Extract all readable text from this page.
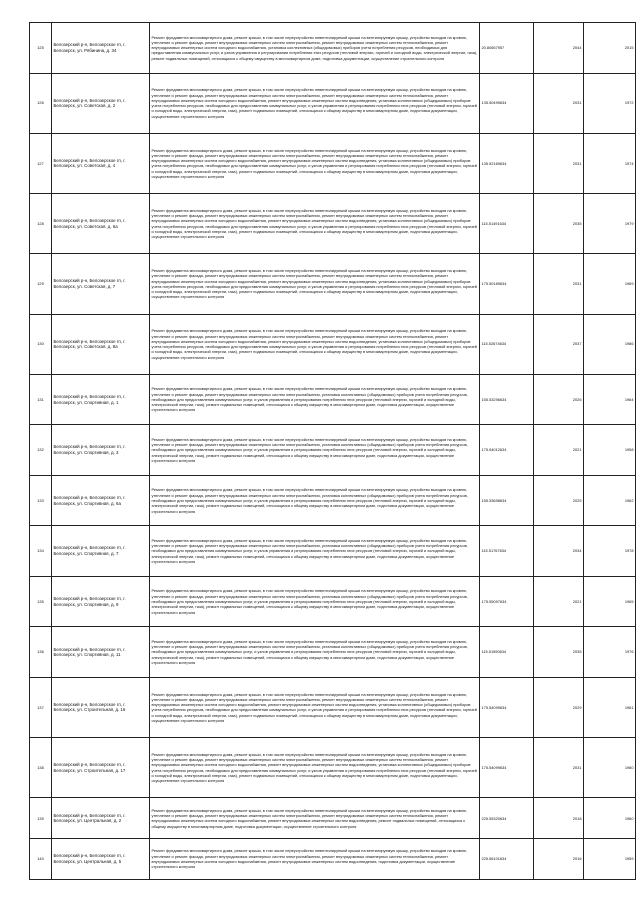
125	Белозерский р-н, Белозерское гп, г. Белозерск, ул. Рябинина, д. 34	Ремонт фундамента многоквартирного дома, ремонт крыши, в том числе переустройство невентилируемой крыши на вентилируемую крышу, устройство выходов на кровлю, утепление и ремонт фасада, ремонт внутридомовых инженерных систем электроснабжения, ремонт внутридомовых инженерных систем теплоснабжения, ремонт внутридомовых инженерных систем холодного водоснабжения, установка коллективных (общедомовых) приборов учета потребления ресурсов, необходимых для предоставления коммунальных услуг, и узлов управления и регулирования потребления этих ресурсов (тепловой энергии, горячей и холодной воды, электрической энергии, газа), ремонт подвальных помещений, относящихся к общему имуществу в многоквартирном доме, подготовка документации, осуществление строительного контроля	20.80657957	2044	2015
126	Белозерский р-н, Белозерское гп, г. Белозерск, ул. Советская, д. 2	Ремонт фундамента многоквартирного дома, ремонт крыши, в том числе переустройство невентилируемой крыши на вентилируемую крышу, устройство выходов на кровлю, утепление и ремонт фасада, ремонт внутридомовых инженерных систем электроснабжения, ремонт внутридомовых инженерных систем теплоснабжения, ремонт внутридомовых инженерных систем холодного водоснабжения, ремонт внутридомовых инженерных систем водоотведения, установка коллективных (общедомовых) приборов учета потребления ресурсов, необходимых для предоставления коммунальных услуг, и узлов управления и регулирования потребления этих ресурсов (тепловой энергии, горячей и холодной воды, электрической энергии, газа), ремонт подвальных помещений, относящихся к общему имуществу в многоквартирном доме, подготовка документации, осуществление строительного контроля	135.50499634	2031	1972
127	Белозерский р-н, Белозерское гп, г. Белозерск, ул. Советская, д. 4	Ремонт фундамента многоквартирного дома, ремонт крыши, в том числе переустройство невентилируемой крыши на вентилируемую крышу, устройство выходов на кровлю, утепление и ремонт фасада, ремонт внутридомовых инженерных систем электроснабжения, ремонт внутридомовых инженерных систем теплоснабжения, ремонт внутридомовых инженерных систем холодного водоснабжения, ремонт внутридомовых инженерных систем водоотведения, установка коллективных (общедомовых) приборов учета потребления ресурсов, необходимых для предоставления коммунальных услуг, и узлов управления и регулирования потребления этих ресурсов (тепловой энергии, горячей и холодной воды, электрической энергии, газа), ремонт подвальных помещений, относящихся к общему имуществу в многоквартирном доме, подготовка документации, осуществление строительного контроля	135.52169634	2031	1974
128	Белозерский р-н, Белозерское гп, г. Белозерск, ул. Советская, д. 6а	Ремонт фундамента многоквартирного дома, ремонт крыши, в том числе переустройство невентилируемой крыши на вентилируемую крышу, устройство выходов на кровлю, утепление и ремонт фасада, ремонт внутридомовых инженерных систем электроснабжения, ремонт внутридомовых инженерных систем теплоснабжения, ремонт внутридомовых инженерных систем холодного водоснабжения, ремонт внутридомовых инженерных систем водоотведения, установка коллективных (общедомовых) приборов учета потребления ресурсов, необходимых для предоставления коммунальных услуг, и узлов управления и регулирования потребления этих ресурсов (тепловой энергии, горячей и холодной воды, электрической энергии, газа), ремонт подвальных помещений, относящихся к общему имуществу в многоквартирном доме, подготовка документации, осуществление строительного контроля	115.51491634	2035	1979
129	Белозерский р-н, Белозерское гп, г. Белозерск, ул. Советская, д. 7	Ремонт фундамента многоквартирного дома, ремонт крыши, в том числе переустройство невентилируемой крыши на вентилируемую крышу, устройство выходов на кровлю, утепление и ремонт фасада, ремонт внутридомовых инженерных систем электроснабжения, ремонт внутридомовых инженерных систем теплоснабжения, ремонт внутридомовых инженерных систем холодного водоснабжения, ремонт внутридомовых инженерных систем водоотведения, установка коллективных (общедомовых) приборов учета потребления ресурсов, необходимых для предоставления коммунальных услуг, и узлов управления и регулирования потребления этих ресурсов (тепловой энергии, горячей и холодной воды, электрической энергии, газа), ремонт подвальных помещений, относящихся к общему имуществу в многоквартирном доме, подготовка документации, осуществление строительного контроля	175.50189634	2031	1969
130	Белозерский р-н, Белозерское гп, г. Белозерск, ул. Советская, д. 8а	Ремонт фундамента многоквартирного дома, ремонт крыши, в том числе переустройство невентилируемой крыши на вентилируемую крышу, устройство выходов на кровлю, утепление и ремонт фасада, ремонт внутридомовых инженерных систем электроснабжения, ремонт внутридомовых инженерных систем теплоснабжения, ремонт внутридомовых инженерных систем холодного водоснабжения, ремонт внутридомовых инженерных систем водоотведения, установка коллективных (общедомовых) приборов учета потребления ресурсов, необходимых для предоставления коммунальных услуг, и узлов управления и регулирования потребления этих ресурсов (тепловой энергии, горячей и холодной воды, электрической энергии, газа), ремонт подвальных помещений, относящихся к общему имуществу в многоквартирном доме, подготовка документации, осуществление строительного контроля	115.52674634	2037	1986
131	Белозерский р-н, Белозерское гп, г. Белозерск, ул. Спортивная, д. 1	Ремонт фундамента многоквартирного дома, ремонт крыши, в том числе переустройство невентилируемой крыши на вентилируемую крышу, устройство выходов на кровлю, утепление и ремонт фасада, ремонт внутридомовых инженерных систем электроснабжения, установка коллективных (общедомовых) приборов учета потребления ресурсов, необходимых для предоставления коммунальных услуг, и узлов управления и регулирования потребления этих ресурсов (тепловой энергии, горячей и холодной воды, электрической энергии, газа), ремонт подвальных помещений, относящихся к общему имуществу в многоквартирном доме, подготовка документации, осуществление строительного контроля	155.53296634	2026	1964
132	Белозерский р-н, Белозерское гп, г. Белозерск, ул. Спортивная, д. 3	Ремонт фундамента многоквартирного дома, ремонт крыши, в том числе переустройство невентилируемой крыши на вентилируемую крышу, устройство выходов на кровлю, утепление и ремонт фасада, ремонт внутридомовых инженерных систем электроснабжения, установка коллективных (общедомовых) приборов учета потребления ресурсов, необходимых для предоставления коммунальных услуг, и узлов управления и регулирования потребления этих ресурсов (тепловой энергии, горячей и холодной воды, электрической энергии, газа), ремонт подвальных помещений, относящихся к общему имуществу в многоквартирном доме, подготовка документации, осуществление строительного контроля	175.54012634	2021	1958
133	Белозерский р-н, Белозерское гп, г. Белозерск, ул. Спортивная, д. 6а	Ремонт фундамента многоквартирного дома, ремонт крыши, в том числе переустройство невентилируемой крыши на вентилируемую крышу, устройство выходов на кровлю, утепление и ремонт фасада, ремонт внутридомовых инженерных систем электроснабжения, установка коллективных (общедомовых) приборов учета потребления ресурсов, необходимых для предоставления коммунальных услуг, и узлов управления и регулирования потребления этих ресурсов (тепловой энергии, горячей и холодной воды, электрической энергии, газа), ремонт подвальных помещений, относящихся к общему имуществу в многоквартирном доме, подготовка документации, осуществление строительного контроля	155.53698634	2025	1962
134	Белозерский р-н, Белозерское гп, г. Белозерск, ул. Спортивная, д. 7	Ремонт фундамента многоквартирного дома, ремонт крыши, в том числе переустройство невентилируемой крыши на вентилируемую крышу, устройство выходов на кровлю, утепление и ремонт фасада, ремонт внутридомовых инженерных систем электроснабжения, установка коллективных (общедомовых) приборов учета потребления ресурсов, необходимых для предоставления коммунальных услуг, и узлов управления и регулирования потребления этих ресурсов (тепловой энергии, горячей и холодной воды, электрической энергии, газа), ремонт подвальных помещений, относящихся к общему имуществу в многоквартирном доме, подготовка документации, осуществление строительного контроля	115.51767634	2034	1978
135	Белозерский р-н, Белозерское гп, г. Белозерск, ул. Спортивная, д. 9	Ремонт фундамента многоквартирного дома, ремонт крыши, в том числе переустройство невентилируемой крыши на вентилируемую крышу, устройство выходов на кровлю, утепление и ремонт фасада, ремонт внутридомовых инженерных систем электроснабжения, установка коллективных (общедомовых) приборов учета потребления ресурсов, необходимых для предоставления коммунальных услуг, и узлов управления и регулирования потребления этих ресурсов (тепловой энергии, горячей и холодной воды, электрической энергии, газа), ремонт подвальных помещений, относящихся к общему имуществу в многоквартирном доме, подготовка документации, осуществление строительного контроля	175.55097634	2021	1965
136	Белозерский р-н, Белозерское гп, г. Белозерск, ул. Спортивная, д. 11	Ремонт фундамента многоквартирного дома, ремонт крыши, в том числе переустройство невентилируемой крыши на вентилируемую крышу, устройство выходов на кровлю, утепление и ремонт фасада, ремонт внутридомовых инженерных систем электроснабжения, установка коллективных (общедомовых) приборов учета потребления ресурсов, необходимых для предоставления коммунальных услуг, и узлов управления и регулирования потребления этих ресурсов (тепловой энергии, горячей и холодной воды, электрической энергии, газа), ремонт подвальных помещений, относящихся к общему имуществу в многоквартирном доме, подготовка документации, осуществление строительного контроля	115.51590634	2035	1976
137	Белозерский р-н, Белозерское гп, г. Белозерск, ул. Строительная, д. 16	Ремонт фундамента многоквартирного дома, ремонт крыши, в том числе переустройство невентилируемой крыши на вентилируемую крышу, устройство выходов на кровлю, утепление и ремонт фасада, ремонт внутридомовых инженерных систем электроснабжения, ремонт внутридомовых инженерных систем теплоснабжения, ремонт внутридомовых инженерных систем холодного водоснабжения, ремонт внутридомовых инженерных систем водоотведения, установка коллективных (общедомовых) приборов учета потребления ресурсов, необходимых для предоставления коммунальных услуг, и узлов управления и регулирования потребления этих ресурсов (тепловой энергии, горячей и холодной воды, электрической энергии, газа), ремонт подвальных помещений, относящихся к общему имуществу в многоквартирном доме, подготовка документации, осуществление строительного контроля	175.54099634	2029	1961
138	Белозерский р-н, Белозерское гп, г. Белозерск, ул. Строительная, д. 17	Ремонт фундамента многоквартирного дома, ремонт крыши, в том числе переустройство невентилируемой крыши на вентилируемую крышу, устройство выходов на кровлю, утепление и ремонт фасада, ремонт внутридомовых инженерных систем электроснабжения, ремонт внутридомовых инженерных систем теплоснабжения, ремонт внутридомовых инженерных систем холодного водоснабжения, ремонт внутридомовых инженерных систем водоотведения, установка коллективных (общедомовых) приборов учета потребления ресурсов, необходимых для предоставления коммунальных услуг, и узлов управления и регулирования потребления этих ресурсов (тепловой энергии, горячей и холодной воды, электрической энергии, газа), ремонт подвальных помещений, относящихся к общему имуществу в многоквартирном доме, подготовка документации, осуществление строительного контроля	175.54099634	2031	1960
139	Белозерский р-н, Белозерское гп, г. Белозерск, ул. Центральная, д. 2	Ремонт фундамента многоквартирного дома, ремонт крыши, в том числе переустройство невентилируемой крыши на вентилируемую крышу, устройство выходов на кровлю, утепление и ремонт фасада, ремонт внутридомовых инженерных систем электроснабжения, ремонт внутридомовых инженерных систем теплоснабжения, ремонт внутридомовых инженерных систем холодного водоснабжения, ремонт внутридомовых инженерных систем водоотведения, ремонт подвальных помещений, относящихся к общему имуществу в многоквартирном доме, подготовка документации, осуществление строительного контроля	225.55320634	2018	1960
140	Белозерский р-н, Белозерское гп, г. Белозерск, ул. Центральная, д. 5	Ремонт фундамента многоквартирного дома, ремонт крыши, в том числе переустройство невентилируемой крыши на вентилируемую крышу, устройство выходов на кровлю, утепление и ремонт фасада, ремонт внутридомовых инженерных систем электроснабжения, ремонт внутридомовых инженерных систем теплоснабжения, ремонт внутридомовых инженерных систем холодного водоснабжения, ремонт внутридомовых инженерных систем водоотведения, подготовка документации, осуществление строительного контроля	225.56101634	2016	1959
